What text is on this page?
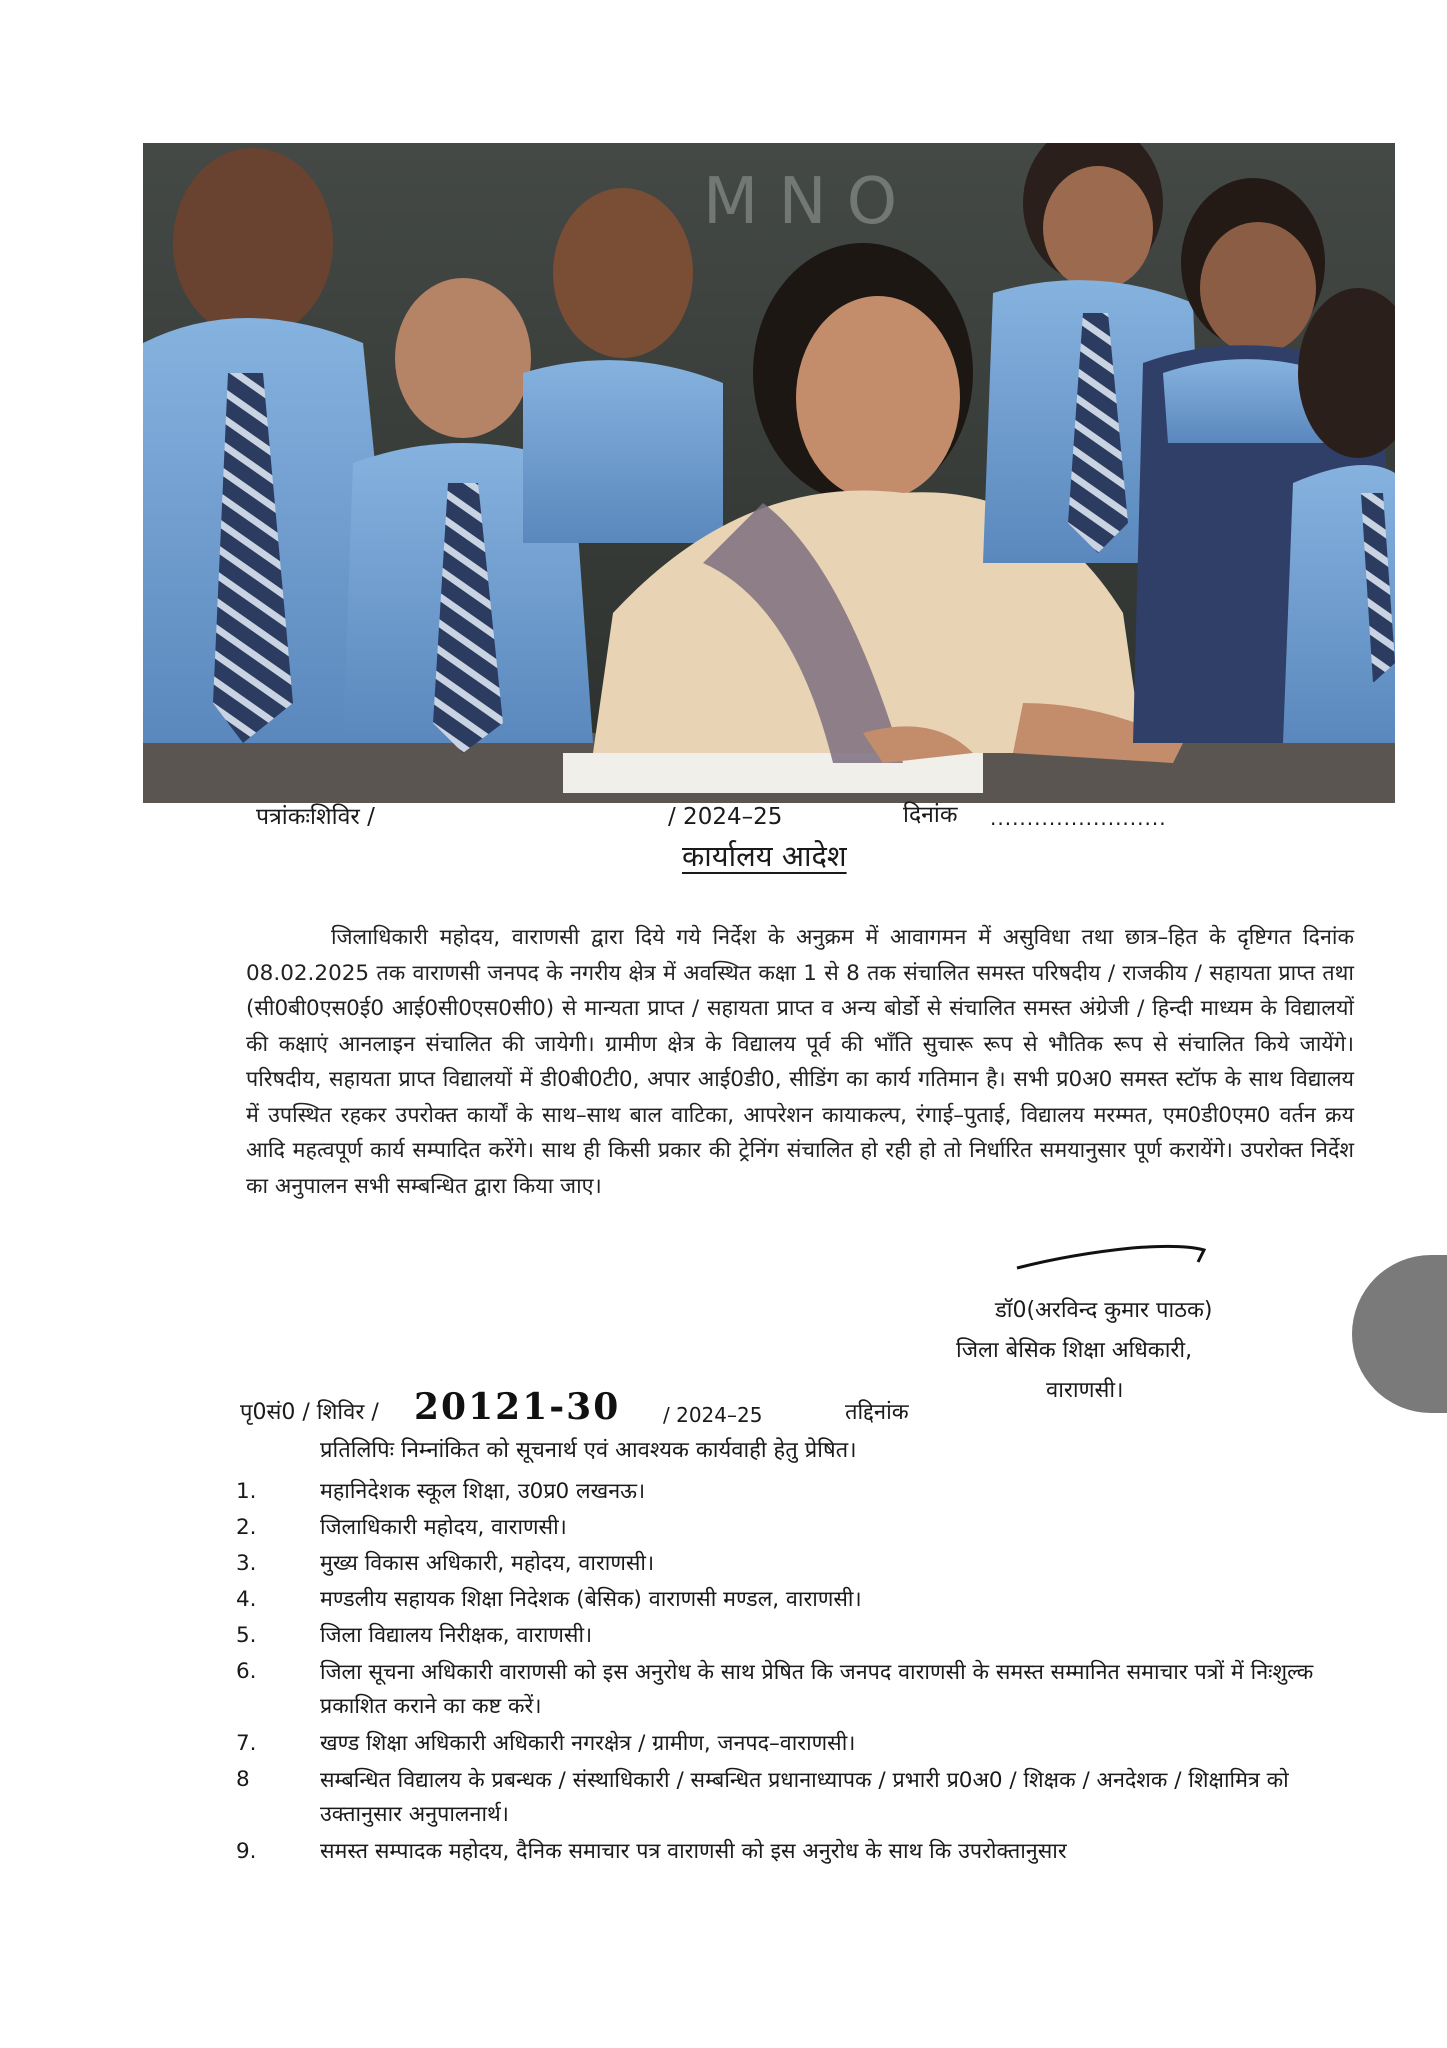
M N O
पत्रांकःशिविर /	/ 2024–25	दिनांक ........................
कार्यालय आदेश
जिलाधिकारी महोदय, वाराणसी द्वारा दिये गये निर्देश के अनुक्रम में आवागमन में असुविधा तथा छात्र–हित के दृष्टिगत दिनांक 08.02.2025 तक वाराणसी जनपद के नगरीय क्षेत्र में अवस्थित कक्षा 1 से 8 तक संचालित समस्त परिषदीय / राजकीय / सहायता प्राप्त तथा (सी0बी0एस0ई0 आई0सी0एस0सी0) से मान्यता प्राप्त / सहायता प्राप्त व अन्य बोर्डो से संचालित समस्त अंग्रेजी / हिन्दी माध्यम के विद्यालयों की कक्षाएं आनलाइन संचालित की जायेगी। ग्रामीण क्षेत्र के विद्यालय पूर्व की भाँति सुचारू रूप से भौतिक रूप से संचालित किये जायेंगे। परिषदीय, सहायता प्राप्त विद्यालयों में डी0बी0टी0, अपार आई0डी0, सीडिंग का कार्य गतिमान है। सभी प्र0अ0 समस्त स्टॉफ के साथ विद्यालय में उपस्थित रहकर उपरोक्त कार्यों के साथ–साथ बाल वाटिका, आपरेशन कायाकल्प, रंगाई–पुताई, विद्यालय मरम्मत, एम0डी0एम0 वर्तन क्रय आदि महत्वपूर्ण कार्य सम्पादित करेंगे। साथ ही किसी प्रकार की ट्रेनिंग संचालित हो रही हो तो निर्धारित समयानुसार पूर्ण करायेंगे। उपरोक्त निर्देश का अनुपालन सभी सम्बन्धित द्वारा किया जाए।
डॉ0(अरविन्द कुमार पाठक)
जिला बेसिक शिक्षा अधिकारी,
वाराणसी।
पृ0सं0 / शिविर / 20121-30 / 2024–25	तद्दिनांक
प्रतिलिपिः निम्नांकित को सूचनार्थ एवं आवश्यक कार्यवाही हेतु प्रेषित।
1.	महानिदेशक स्कूल शिक्षा, उ0प्र0 लखनऊ।
2.	जिलाधिकारी महोदय, वाराणसी।
3.	मुख्य विकास अधिकारी, महोदय, वाराणसी।
4.	मण्डलीय सहायक शिक्षा निदेशक (बेसिक) वाराणसी मण्डल, वाराणसी।
5.	जिला विद्यालय निरीक्षक, वाराणसी।
6.	जिला सूचना अधिकारी वाराणसी को इस अनुरोध के साथ प्रेषित कि जनपद वाराणसी के समस्त सम्मानित समाचार पत्रों में निःशुल्क प्रकाशित कराने का कष्ट करें।
7.	खण्ड शिक्षा अधिकारी अधिकारी नगरक्षेत्र / ग्रामीण, जनपद–वाराणसी।
8	सम्बन्धित विद्यालय के प्रबन्धक / संस्थाधिकारी / सम्बन्धित प्रधानाध्यापक / प्रभारी प्र0अ0 / शिक्षक / अनदेशक / शिक्षामित्र को उक्तानुसार अनुपालनार्थ।
9.	समस्त सम्पादक महोदय, दैनिक समाचार पत्र वाराणसी को इस अनुरोध के साथ कि उपरोक्तानुसार
